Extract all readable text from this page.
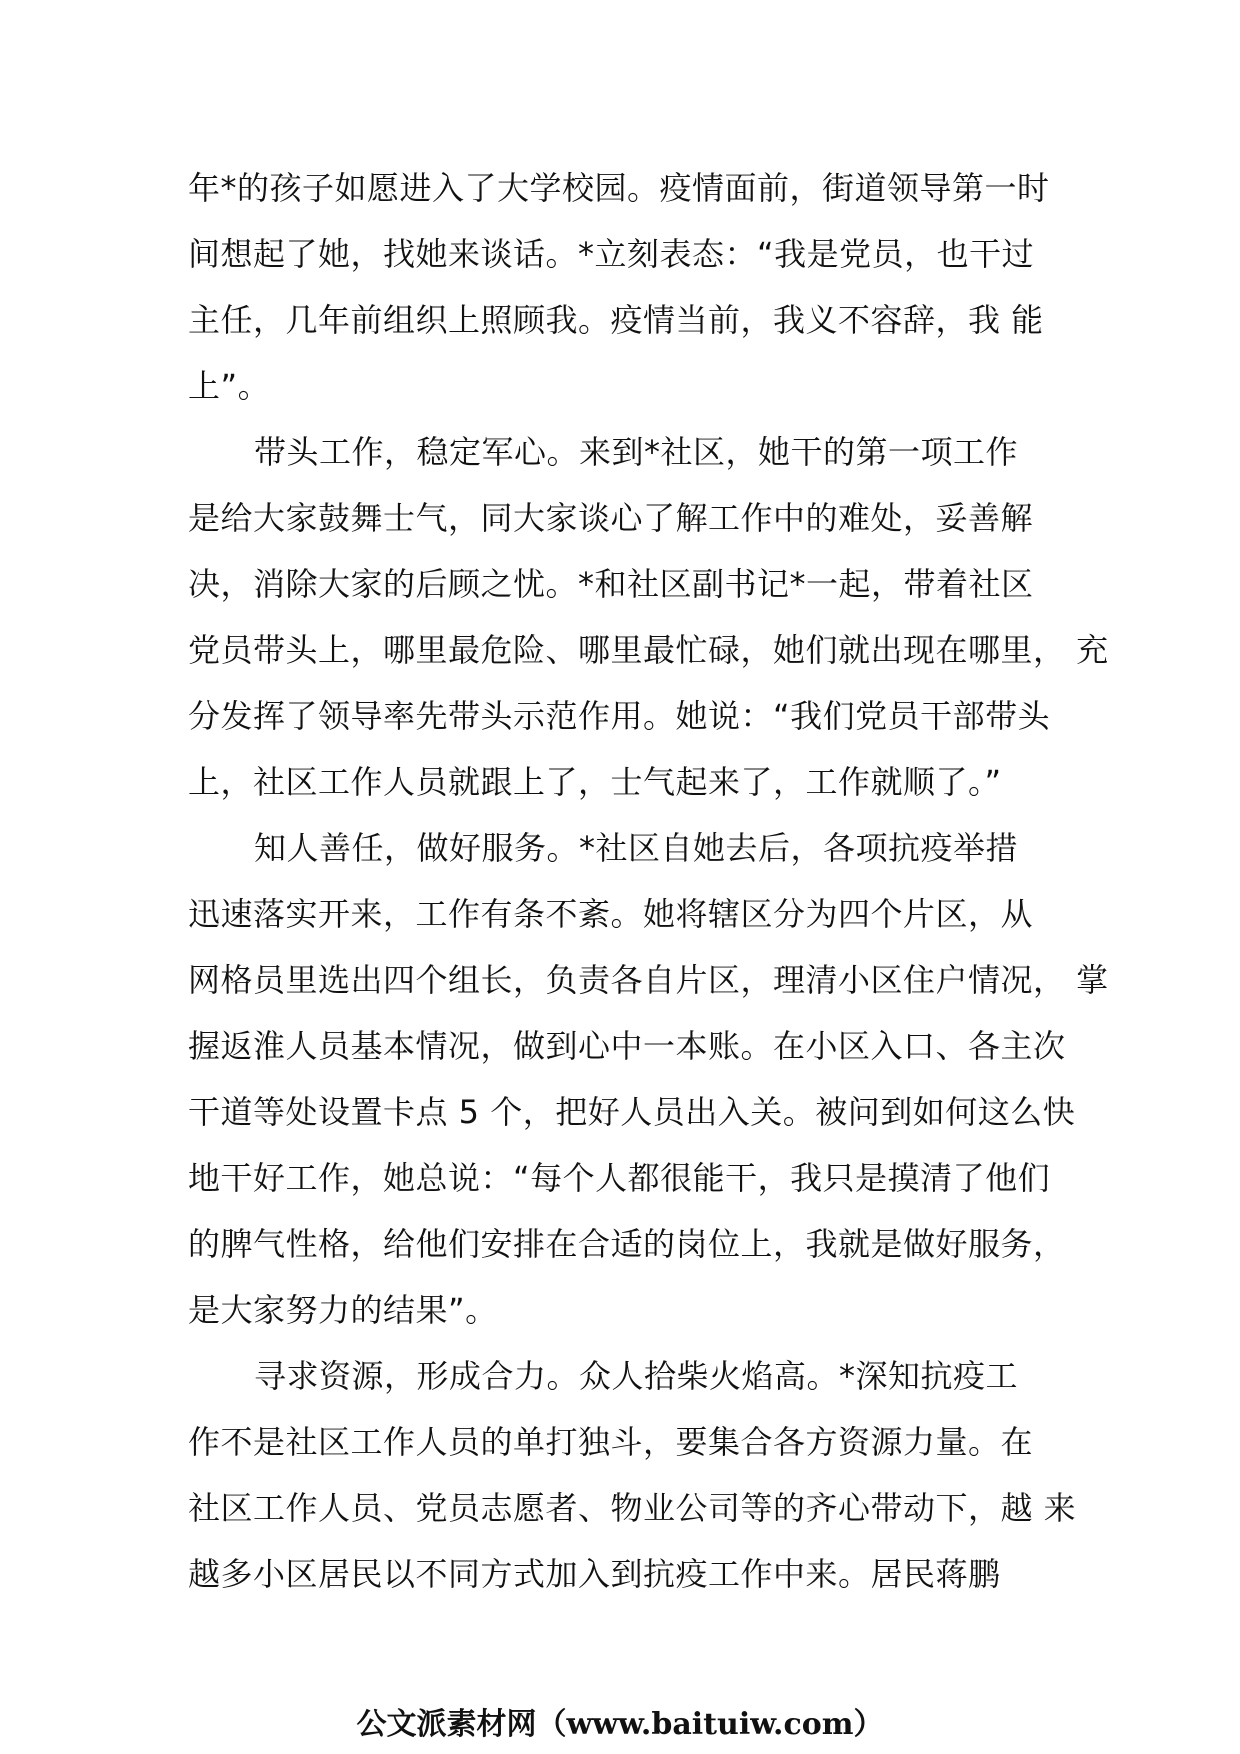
年*的孩子如愿进入了大学校园。疫情面前，街道领导第一时
间想起了她，找她来谈话。*立刻表态：“我是党员，也干过
主任，几年前组织上照顾我。疫情当前，我义不容辞，我 能
上”。
带头工作，稳定军心。来到*社区，她干的第一项工作
是给大家鼓舞士气，同大家谈心了解工作中的难处，妥善解
决，消除大家的后顾之忧。*和社区副书记*一起，带着社区
党员带头上，哪里最危险、哪里最忙碌，她们就出现在哪里， 充
分发挥了领导率先带头示范作用。她说：“我们党员干部带头
上，社区工作人员就跟上了，士气起来了，工作就顺了。”
知人善任，做好服务。*社区自她去后，各项抗疫举措
迅速落实开来，工作有条不紊。她将辖区分为四个片区，从
网格员里选出四个组长，负责各自片区，理清小区住户情况， 掌
握返淮人员基本情况，做到心中一本账。在小区入口、各主次
干道等处设置卡点 5 个，把好人员出入关。被问到如何这么快
地干好工作，她总说：“每个人都很能干，我只是摸清了他们
的脾气性格，给他们安排在合适的岗位上，我就是做好服务，
是大家努力的结果”。
寻求资源，形成合力。众人拾柴火焰高。*深知抗疫工
作不是社区工作人员的单打独斗，要集合各方资源力量。在
社区工作人员、党员志愿者、物业公司等的齐心带动下，越 来
越多小区居民以不同方式加入到抗疫工作中来。居民蒋鹏
公文派素材网（www.baituiw.com）
